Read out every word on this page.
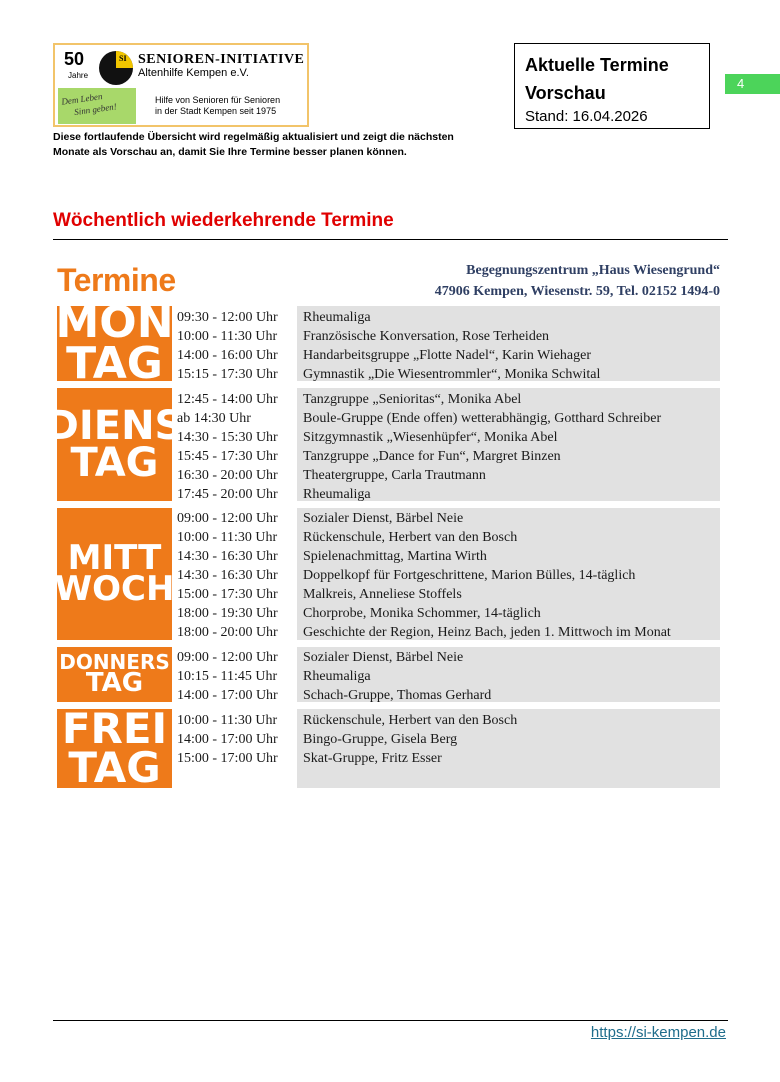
50
Jahre
SI SENIOREN-INITIATIVE
Altenhilfe Kempen e.V.
Dem Leben
Sinn geben!
Hilfe von Senioren für Senioren
in der Stadt Kempen seit 1975
Diese fortlaufende Übersicht wird regelmäßig aktualisiert und zeigt die nächsten Monate als Vorschau an, damit Sie Ihre Termine besser planen können.
Aktuelle Termine
Vorschau
Stand: 16.04.2026
4
Wöchentlich wiederkehrende Termine
Termine	Begegnungszentrum „Haus Wiesengrund“
47906 Kempen, Wiesenstr. 59, Tel. 02152 1494-0
MON
TAG
09:30 - 12:00 Uhr Rheumaliga
10:00 - 11:30 Uhr Französische Konversation, Rose Terheiden
14:00 - 16:00 Uhr Handarbeitsgruppe „Flotte Nadel“, Karin Wiehager
15:15 - 17:30 Uhr Gymnastik „Die Wiesentrommler“, Monika Schwital
DIENS
TAG
12:45 - 14:00 Uhr Tanzgruppe „Senioritas“, Monika Abel
ab 14:30 Uhr	Boule-Gruppe (Ende offen) wetterabhängig, Gotthard Schreiber
14:30 - 15:30 Uhr Sitzgymnastik „Wiesenhüpfer“, Monika Abel
15:45 - 17:30 Uhr Tanzgruppe „Dance for Fun“, Margret Binzen
16:30 - 20:00 Uhr Theatergruppe, Carla Trautmann
17:45 - 20:00 Uhr Rheumaliga
MITT
WOCH
09:00 - 12:00 Uhr Sozialer Dienst, Bärbel Neie
10:00 - 11:30 Uhr Rückenschule, Herbert van den Bosch
14:30 - 16:30 Uhr Spielenachmittag, Martina Wirth
14:30 - 16:30 Uhr Doppelkopf für Fortgeschrittene, Marion Bülles, 14-täglich
15:00 - 17:30 Uhr Malkreis, Anneliese Stoffels
18:00 - 19:30 Uhr Chorprobe, Monika Schommer, 14-täglich
18:00 - 20:00 Uhr Geschichte der Region, Heinz Bach, jeden 1. Mittwoch im Monat
DONNERS
TAG
09:00 - 12:00 Uhr Sozialer Dienst, Bärbel Neie
10:15 - 11:45 Uhr Rheumaliga
14:00 - 17:00 Uhr Schach-Gruppe, Thomas Gerhard
FREI
TAG
10:00 - 11:30 Uhr Rückenschule, Herbert van den Bosch
14:00 - 17:00 Uhr Bingo-Gruppe, Gisela Berg
15:00 - 17:00 Uhr Skat-Gruppe, Fritz Esser
https://si-kempen.de
